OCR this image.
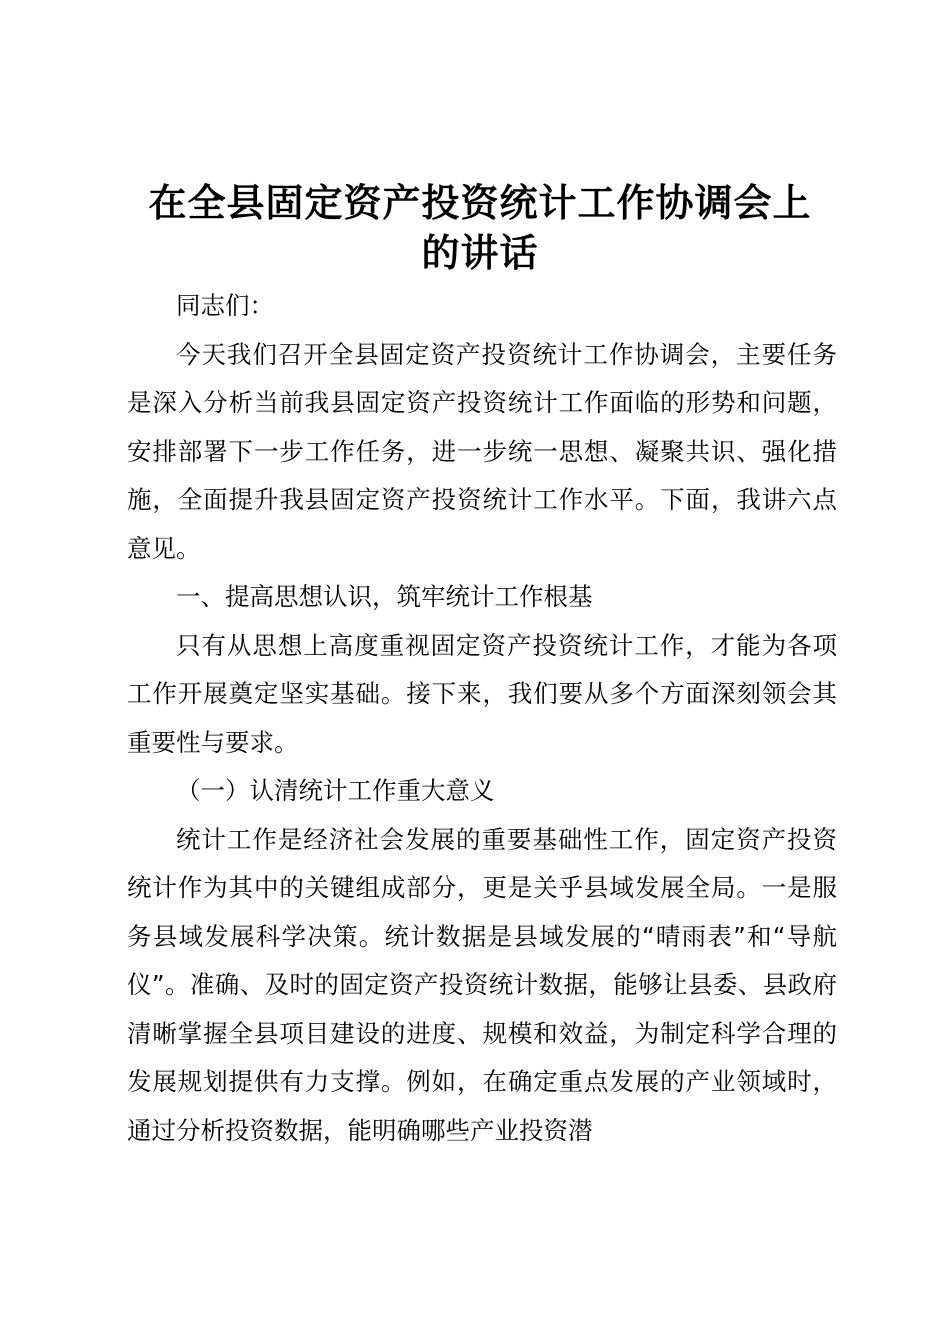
在全县固定资产投资统计工作协调会上
的讲话

同志们：

今天我们召开全县固定资产投资统计工作协调会，主要任务是深入分析当前我县固定资产投资统计工作面临的形势和问题，安排部署下一步工作任务，进一步统一思想、凝聚共识、强化措施，全面提升我县固定资产投资统计工作水平。下面，我讲六点意见。

一、提高思想认识，筑牢统计工作根基

只有从思想上高度重视固定资产投资统计工作，才能为各项工作开展奠定坚实基础。接下来，我们要从多个方面深刻领会其重要性与要求。

（一）认清统计工作重大意义

统计工作是经济社会发展的重要基础性工作，固定资产投资统计作为其中的关键组成部分，更是关乎县域发展全局。一是服务县域发展科学决策。统计数据是县域发展的“晴雨表”和“导航仪”。准确、及时的固定资产投资统计数据，能够让县委、县政府清晰掌握全县项目建设的进度、规模和效益，为制定科学合理的发展规划提供有力支撑。例如，在确定重点发展的产业领域时，通过分析投资数据，能明确哪些产业投资潜
